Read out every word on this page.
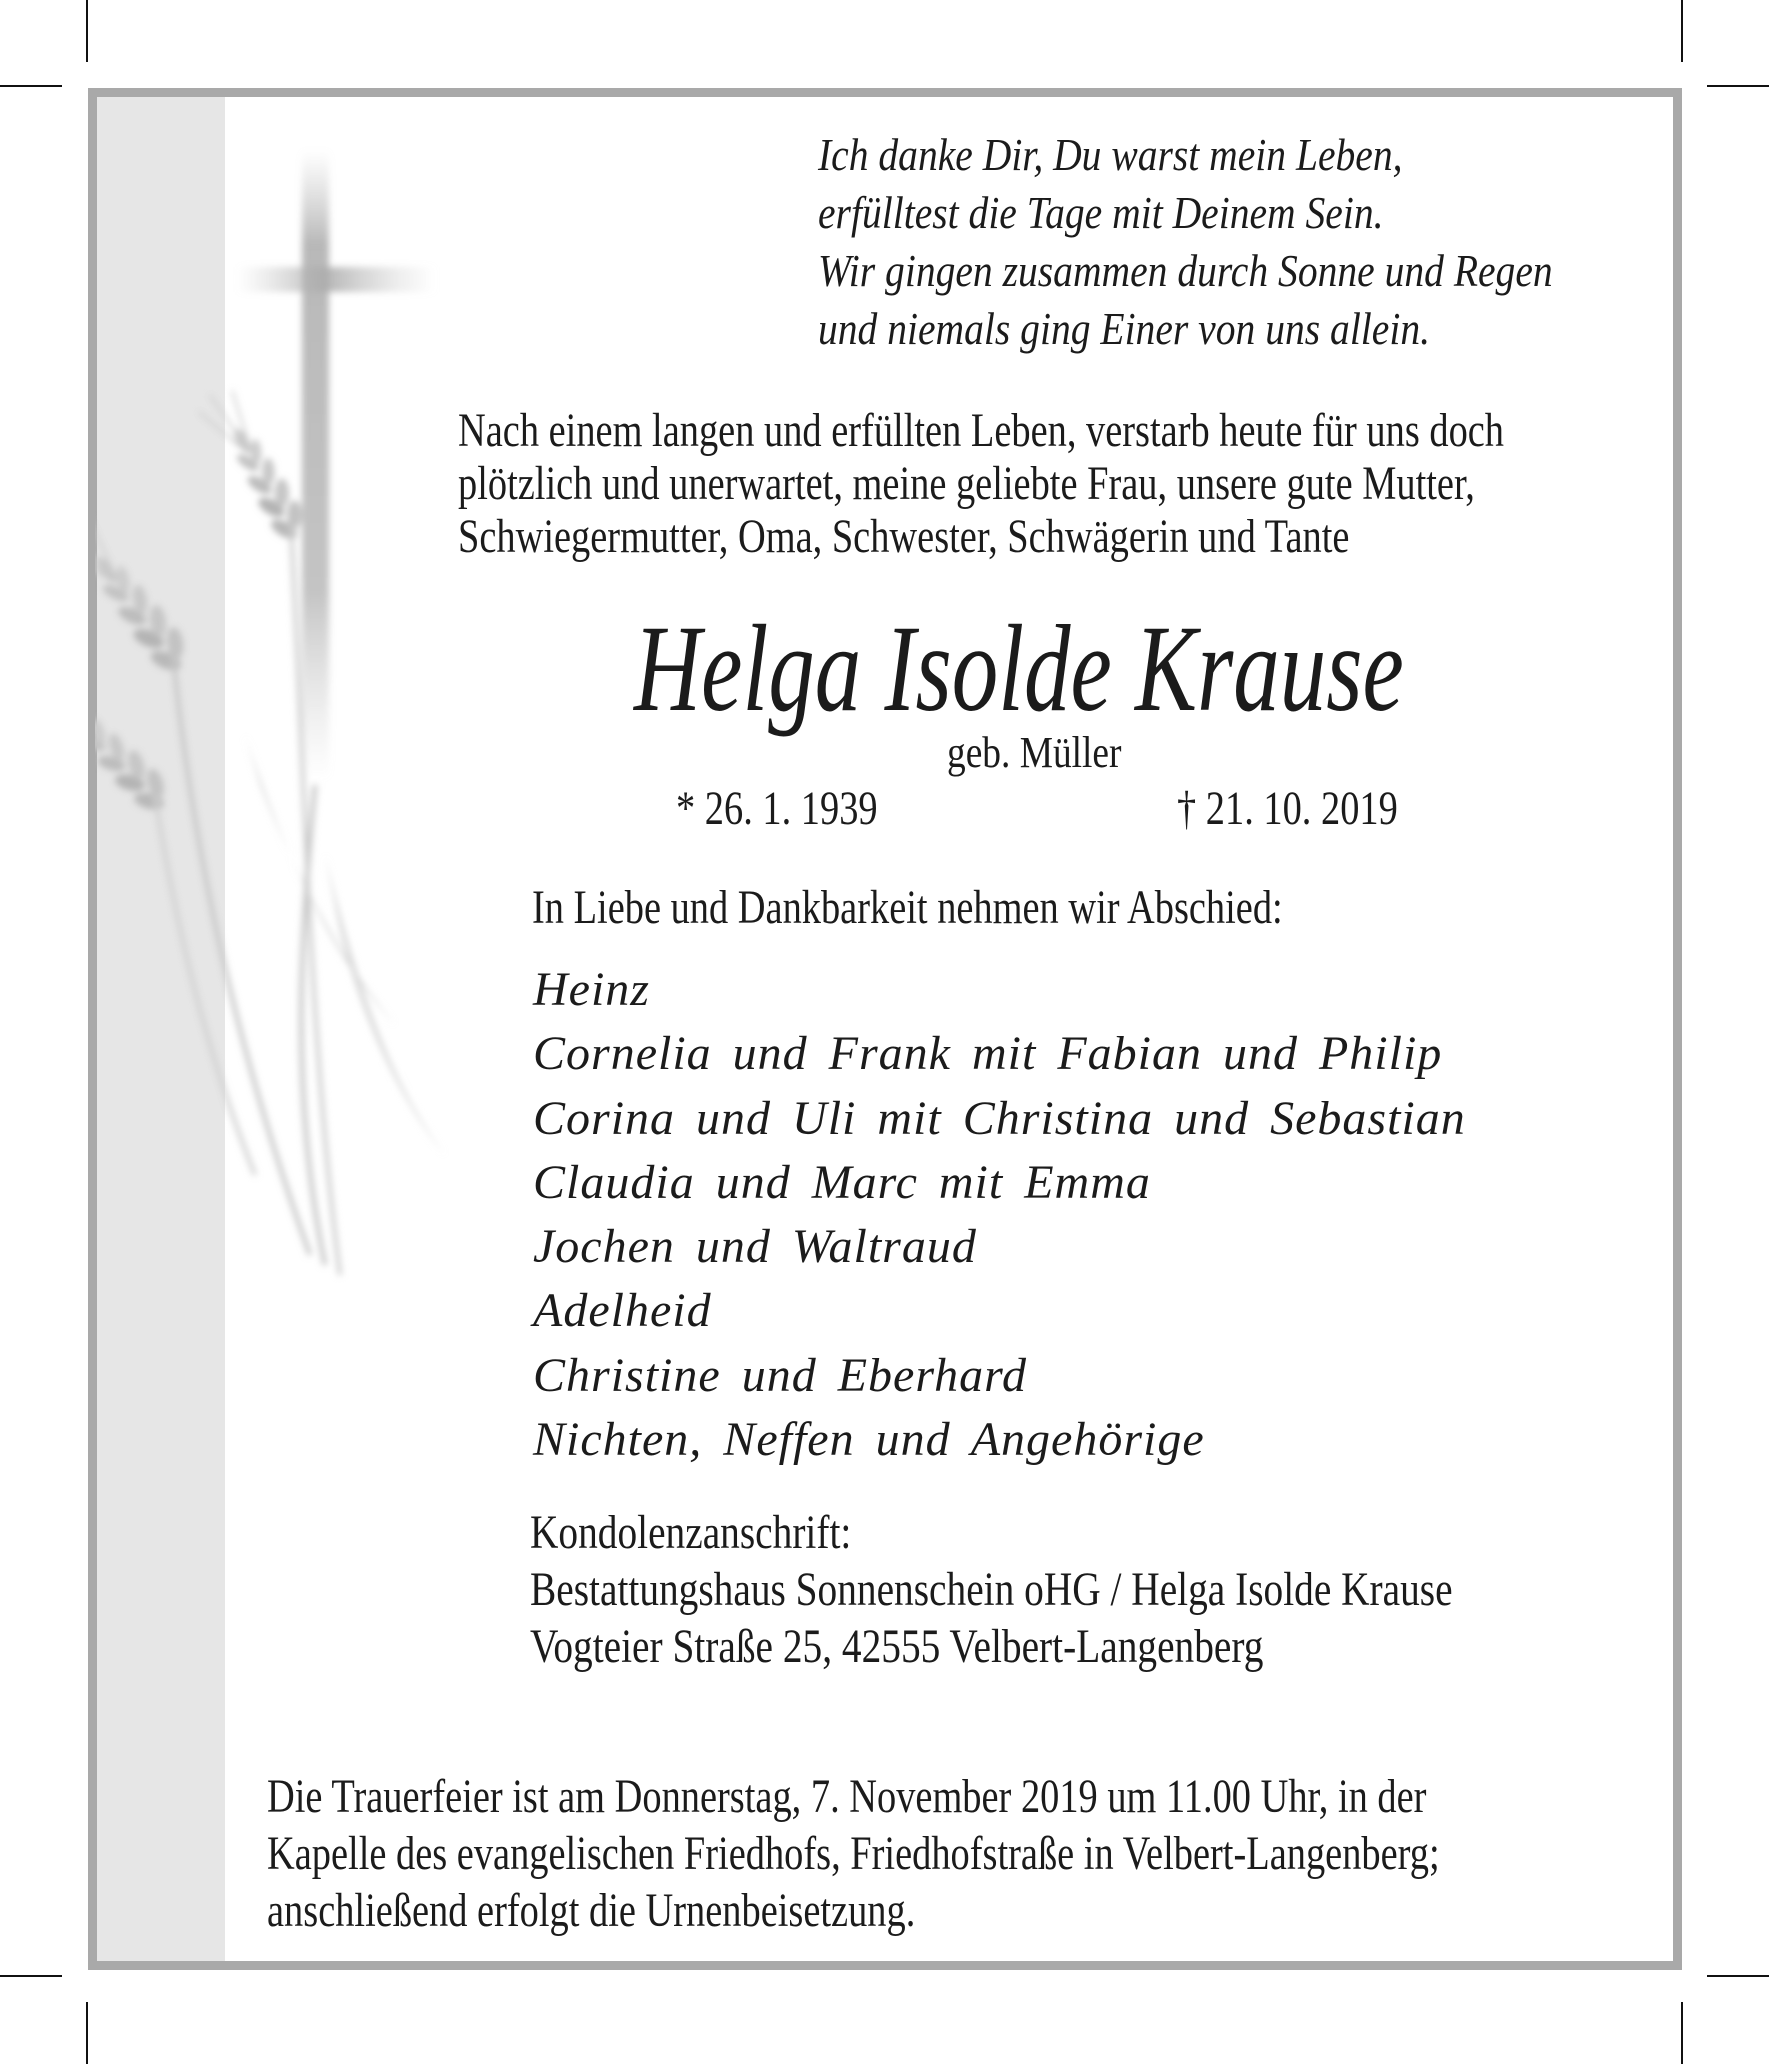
Ich danke Dir, Du warst mein Leben,
erfülltest die Tage mit Deinem Sein.
Wir gingen zusammen durch Sonne und Regen
und niemals ging Einer von uns allein.
Nach einem langen und erfüllten Leben, verstarb heute für uns doch
plötzlich und unerwartet, meine geliebte Frau, unsere gute Mutter,
Schwiegermutter, Oma, Schwester, Schwägerin und Tante
Helga Isolde Krause
geb. Müller
* 26. 1. 1939	† 21. 10. 2019
In Liebe und Dankbarkeit nehmen wir Abschied:
Heinz
Cornelia und Frank mit Fabian und Philip
Corina und Uli mit Christina und Sebastian
Claudia und Marc mit Emma
Jochen und Waltraud
Adelheid
Christine und Eberhard
Nichten, Neffen und Angehörige
Kondolenzanschrift:
Bestattungshaus Sonnenschein oHG / Helga Isolde Krause
Vogteier Straße 25, 42555 Velbert-Langenberg
Die Trauerfeier ist am Donnerstag, 7. November 2019 um 11.00 Uhr, in der
Kapelle des evangelischen Friedhofs, Friedhofstraße in Velbert-Langenberg;
anschließend erfolgt die Urnenbeisetzung.
